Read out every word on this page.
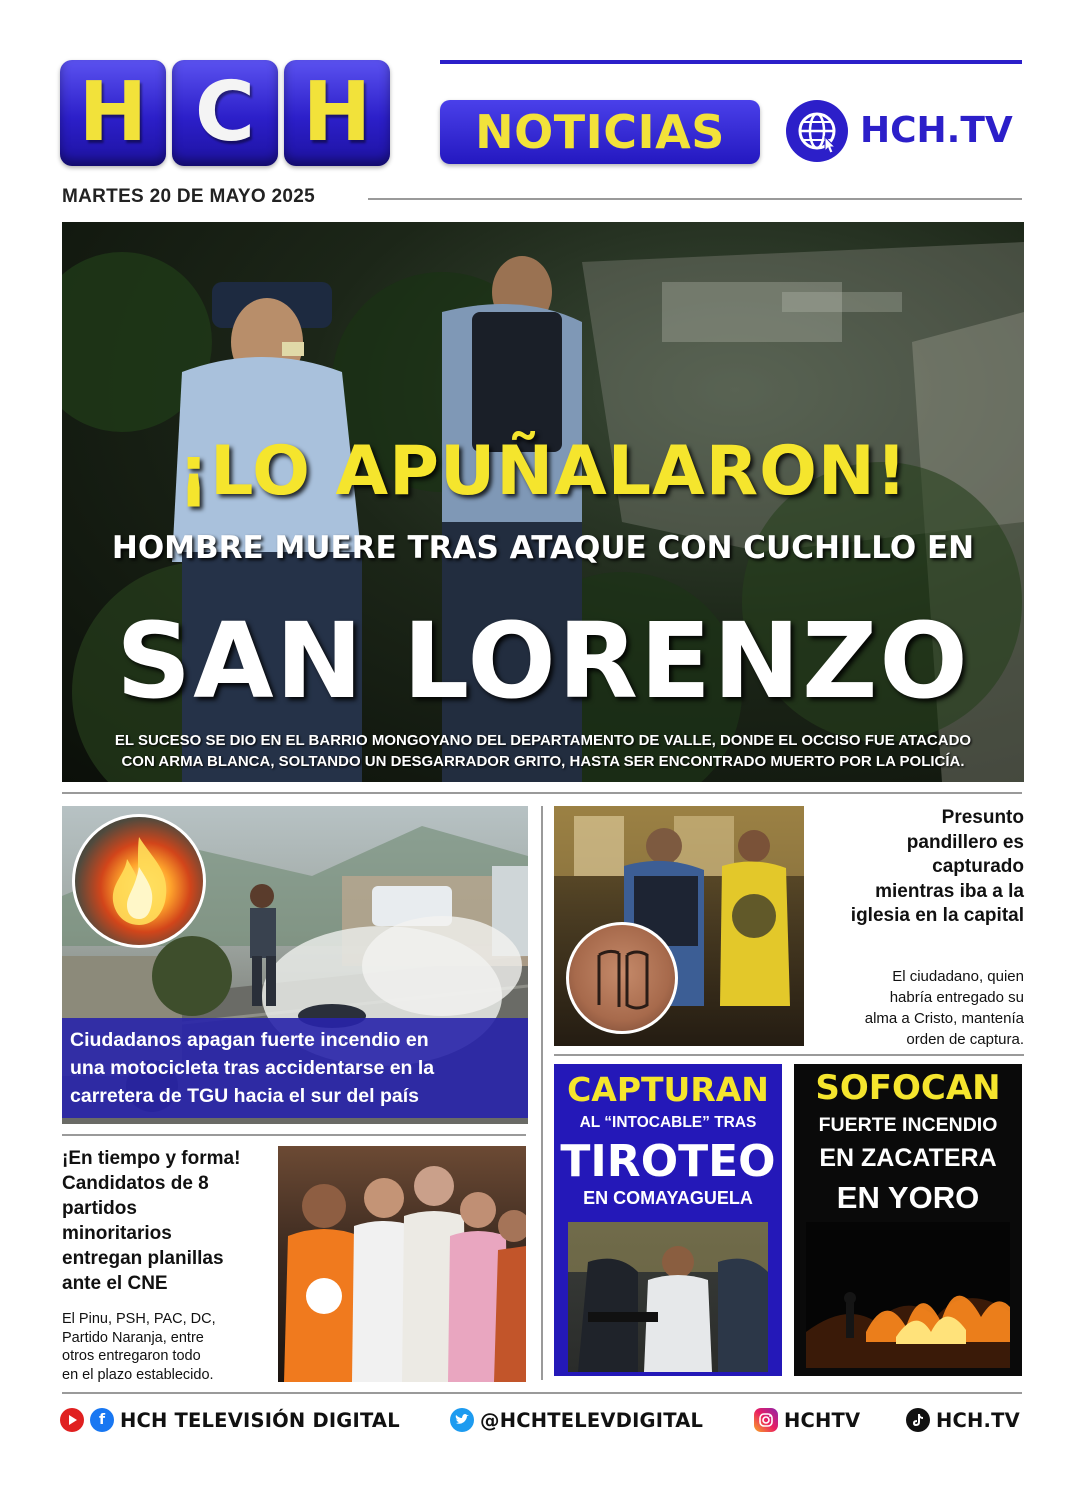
H C H NOTICIAS	HCH.TV
MARTES 20 DE MAYO 2025
¡LO APUÑALARON!
HOMBRE MUERE TRAS ATAQUE CON CUCHILLO EN
SAN LORENZO
EL SUCESO SE DIO EN EL BARRIO MONGOYANO DEL DEPARTAMENTO DE VALLE, DONDE EL OCCISO FUE ATACADO
CON ARMA BLANCA, SOLTANDO UN DESGARRADOR GRITO, HASTA SER ENCONTRADO MUERTO POR LA POLICÍA.
Ciudadanos apagan fuerte incendio en
una motocicleta tras accidentarse en la
carretera de TGU hacia el sur del país
Presunto
pandillero es
capturado
mientras iba a la
iglesia en la capital
El ciudadano, quien
habría entregado su
alma a Cristo, mantenía
orden de captura.
CAPTURAN
AL “INTOCABLE” TRAS
TIROTEO
EN COMAYAGUELA
SOFOCAN
FUERTE INCENDIO
EN ZACATERA
EN YORO
¡En tiempo y forma!
Candidatos de 8
partidos
minoritarios
entregan planillas
ante el CNE
El Pinu, PSH, PAC, DC,
Partido Naranja, entre
otros entregaron todo
en el plazo establecido.
f HCH TELEVISIÓN DIGITAL	@HCHTELEVDIGITAL	HCHTV	HCH.TV
